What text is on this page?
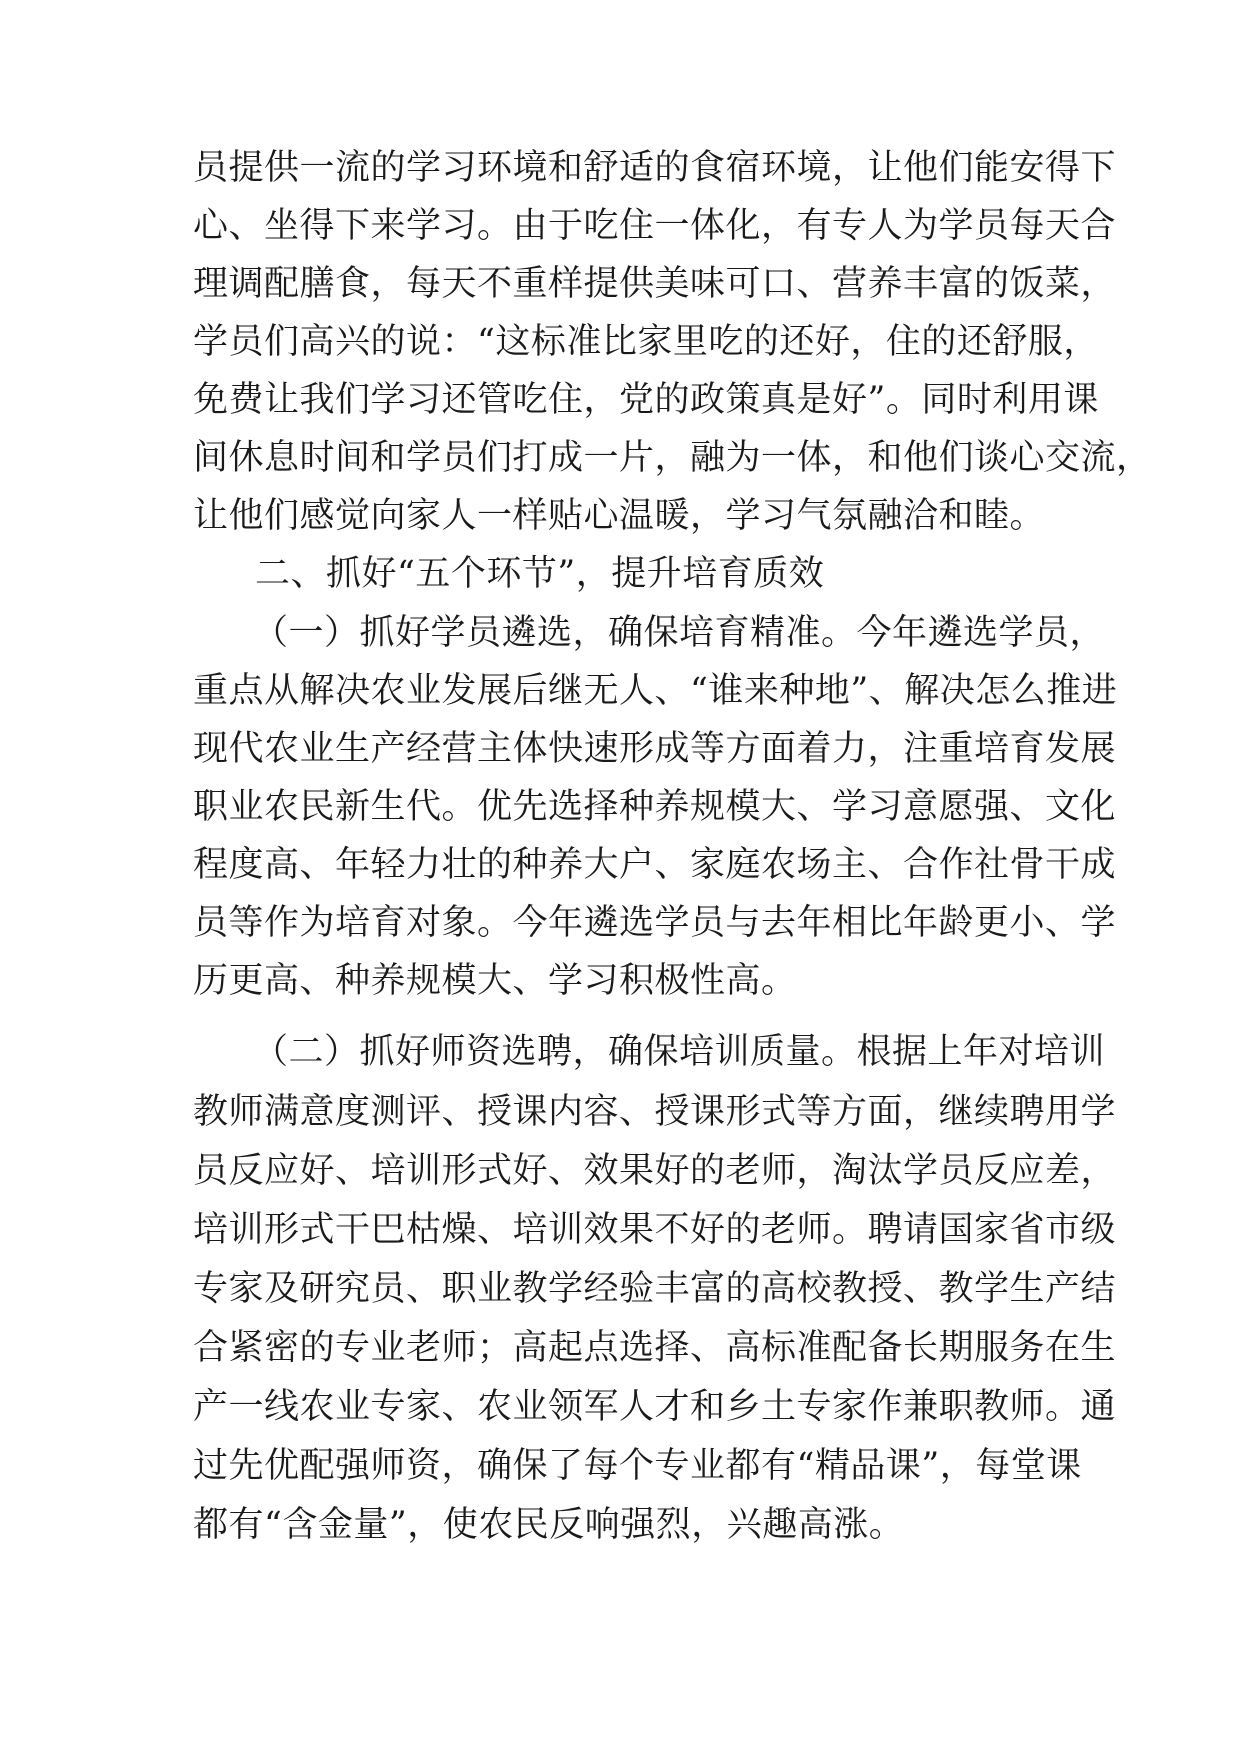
员提供一流的学习环境和舒适的食宿环境，让他们能安得下
心、坐得下来学习。由于吃住一体化，有专人为学员每天合
理调配膳食，每天不重样提供美味可口、营养丰富的饭菜，
学员们高兴的说：“这标准比家里吃的还好，住的还舒服，
免费让我们学习还管吃住，党的政策真是好”。同时利用课
间休息时间和学员们打成一片，融为一体，和他们谈心交流，
让他们感觉向家人一样贴心温暖，学习气氛融洽和睦。
二、抓好“五个环节”，提升培育质效
（一）抓好学员遴选，确保培育精准。今年遴选学员，
重点从解决农业发展后继无人、“谁来种地”、解决怎么推进
现代农业生产经营主体快速形成等方面着力，注重培育发展
职业农民新生代。优先选择种养规模大、学习意愿强、文化
程度高、年轻力壮的种养大户、家庭农场主、合作社骨干成
员等作为培育对象。今年遴选学员与去年相比年龄更小、学
历更高、种养规模大、学习积极性高。
（二）抓好师资选聘，确保培训质量。根据上年对培训
教师满意度测评、授课内容、授课形式等方面，继续聘用学
员反应好、培训形式好、效果好的老师，淘汰学员反应差，
培训形式干巴枯燥、培训效果不好的老师。聘请国家省市级
专家及研究员、职业教学经验丰富的高校教授、教学生产结
合紧密的专业老师；高起点选择、高标准配备长期服务在生
产一线农业专家、农业领军人才和乡土专家作兼职教师。通
过先优配强师资，确保了每个专业都有“精品课”，每堂课
都有“含金量”，使农民反响强烈，兴趣高涨。
